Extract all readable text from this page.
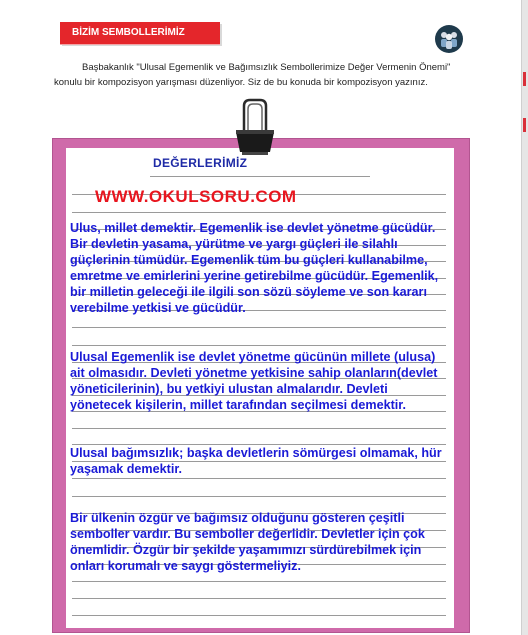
BİZİM SEMBOLLERİMİZ
Başbakanlık "Ulusal Egemenlik ve Bağımsızlık Sembollerimize Değer Vermenin Önemi" konulu bir kompozisyon yarışması düzenliyor. Siz de bu konuda bir kompozisyon yazınız.
DEĞERLERİMİZ
WWW.OKULSORU.COM
Ulus, millet demektir. Egemenlik ise devlet yönetme gücüdür. Bir devletin yasama, yürütme ve yargı güçleri ile silahlı güçlerinin tümüdür. Egemenlik tüm bu güçleri kullanabilme, emretme ve emirlerini yerine getirebilme gücüdür. Egemenlik, bir milletin geleceği ile ilgili son sözü söyleme ve son kararı verebilme yetkisi ve gücüdür.
Ulusal Egemenlik ise devlet yönetme gücünün millete (ulusa) ait olmasıdır. Devleti yönetme yetkisine sahip olanların(devlet yöneticilerinin), bu yetkiyi ulustan almalarıdır. Devleti yönetecek kişilerin, millet tarafından seçilmesi demektir.
Ulusal bağımsızlık; başka devletlerin sömürgesi olmamak, hür yaşamak demektir.
Bir ülkenin özgür ve bağımsız olduğunu gösteren çeşitli semboller vardır. Bu semboller değerlidir. Devletler için çok önemlidir. Özgür bir şekilde yaşamımızı sürdürebilmek için onları korumalı ve saygı göstermeliyiz.
